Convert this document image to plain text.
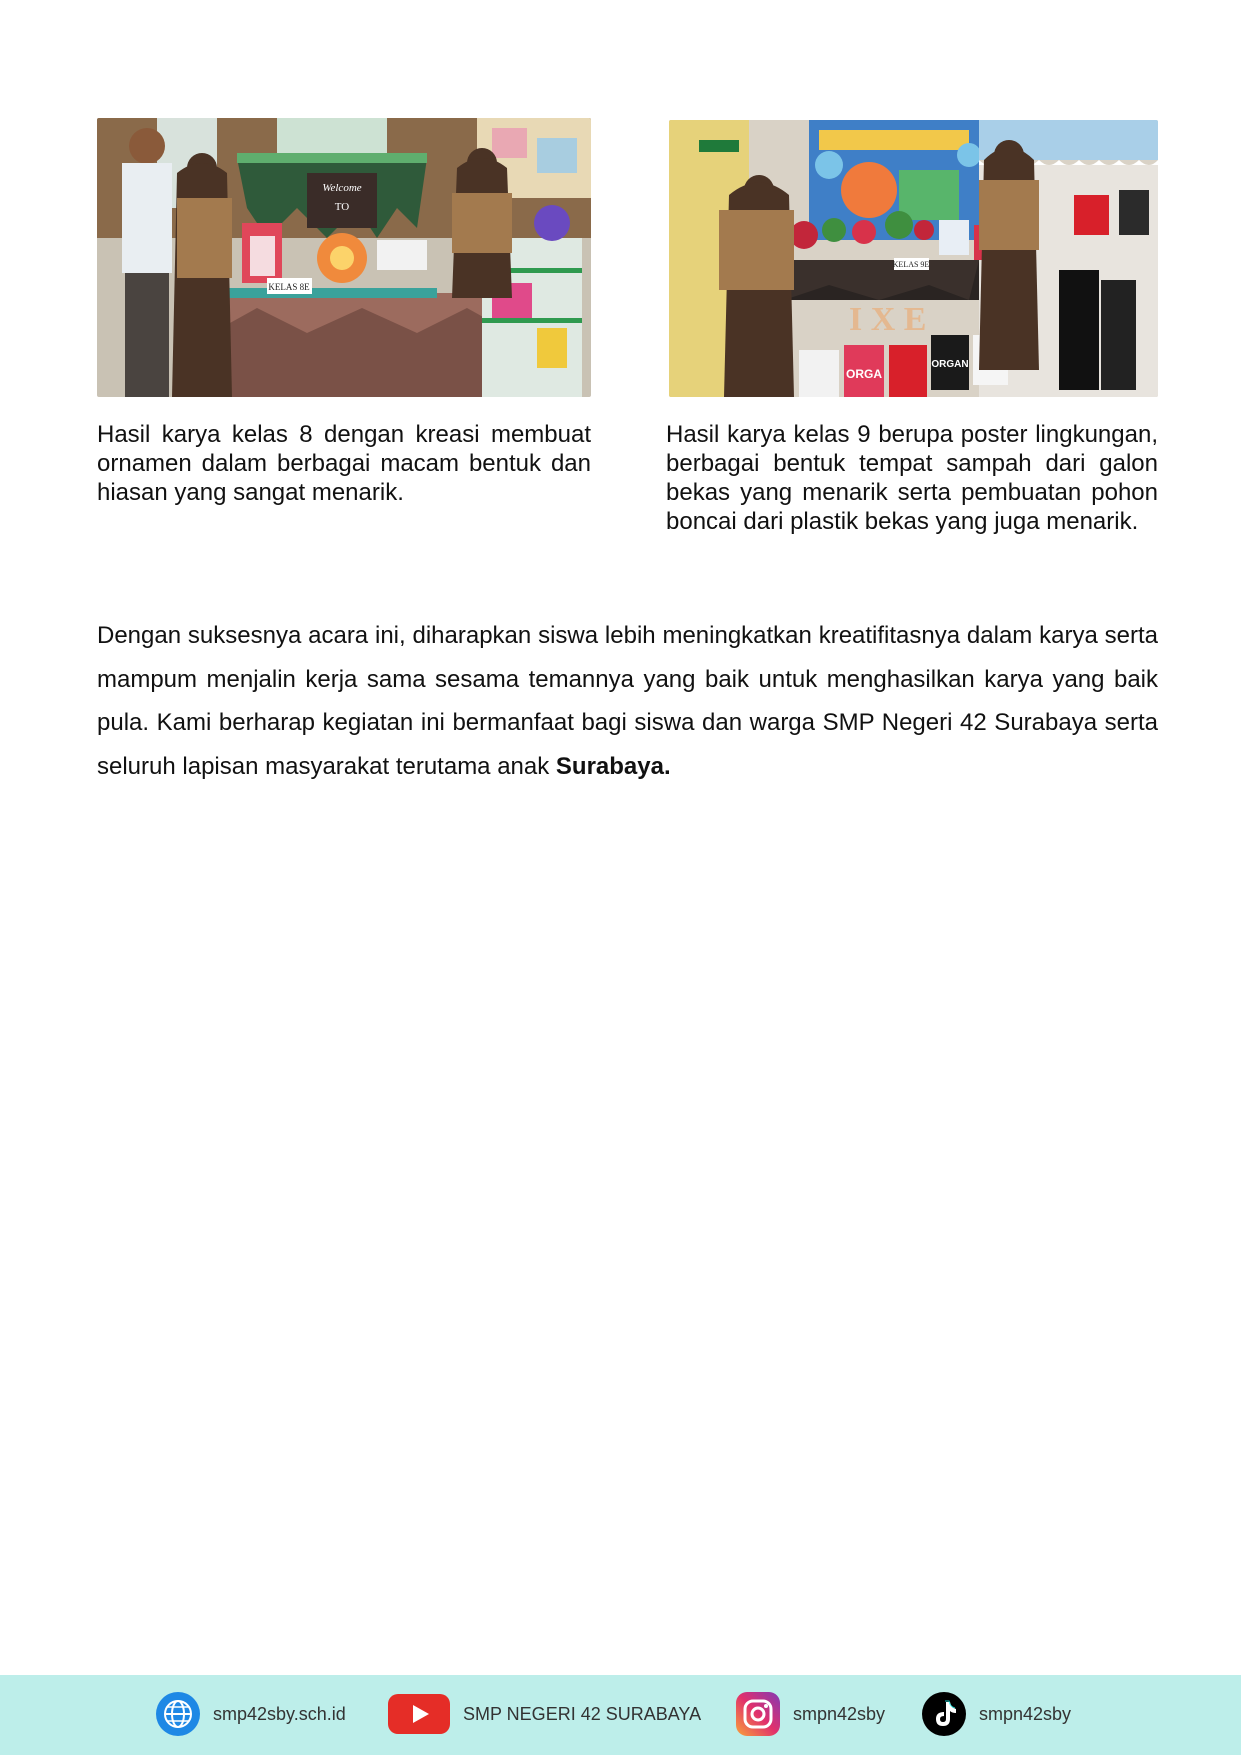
Welcome
TO
KELAS 8E
KELAS 9E
ORGA
ORGAN
I X E

Hasil karya kelas 8 dengan kreasi membuat ornamen dalam berbagai macam bentuk dan hiasan yang sangat menarik.

Hasil karya kelas 9 berupa poster lingkungan, berbagai bentuk tempat sampah dari galon bekas yang menarik serta pembuatan pohon boncai dari plastik bekas yang juga menarik.

Dengan suksesnya acara ini, diharapkan siswa lebih meningkatkan kreatifitasnya dalam karya serta mampum menjalin kerja sama sesama temannya yang baik untuk menghasilkan karya yang baik pula. Kami berharap kegiatan ini bermanfaat bagi siswa dan warga SMP Negeri 42 Surabaya serta seluruh lapisan masyarakat terutama anak Surabaya.

smp42sby.sch.id	SMP NEGERI 42 SURABAYA	smpn42sby	smpn42sby
